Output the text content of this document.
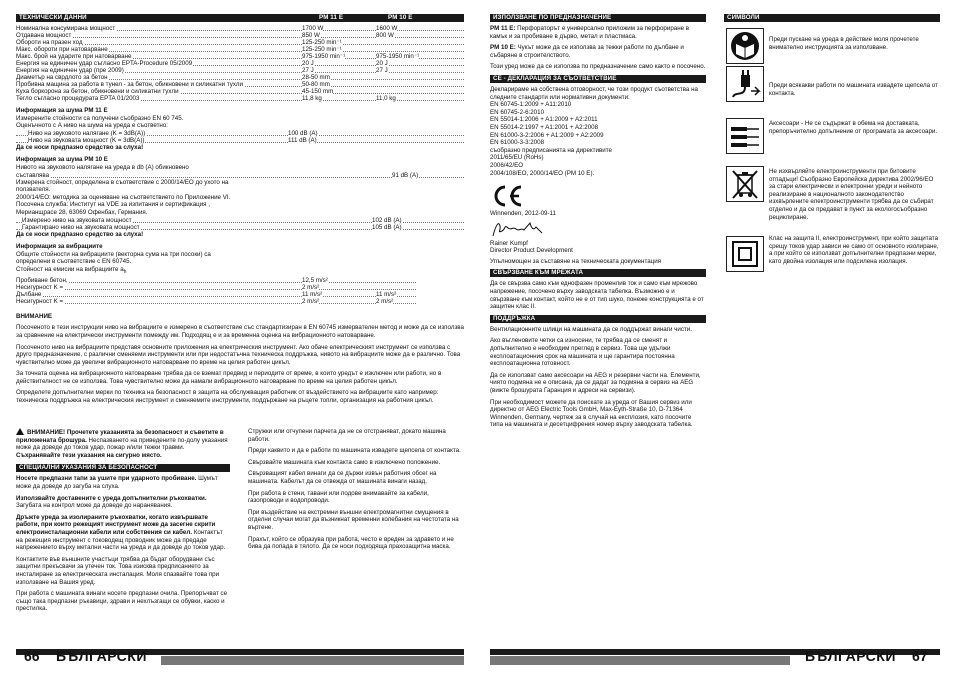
ТЕХНИЧЕСКИ ДАННИ	PM 11 E	PM 10 E
Номинална консумирана мощност	1700 W	1600 W
Отдавана мощност	850 W	800 W
Обороти на празен ход	125-250 min⁻¹
Макс. обороти при натоварване	125-250 min⁻¹
Макс. брой на ударите при натоварване	975-1950 min⁻¹	975-1950 min⁻¹
Енергия на единичен удар съгласно EPTA-Procedure 05/2009	20 J	20 J
Енергия на единичен удар (пре 2009)	27 J	27 J
Диаметър на сврдлото за бетон	28-50 mm
Пробивна мащина за работа в тунел - за бетон, обикновени и силикатни тухли	50-80 mm
Куха боркорона за бетон, обикновени и силикатни тухли	45-150 mm
Тегло съгласно процедурата EPTA 01/2003	11,8 kg	11,0 kg

Информация за шума PM 11 E

Измерените стойности са получени съобразно EN 60 745.

Оценъчното с А ниво на шума на уреда е съответно:

Ниво на звуковото налягане (K = 3dB(A))	100 dB (A)
Ниво на звуковата мощност (K = 3dB(A))	111 dB (A)

Да се носи предпазно средство за слуха!

Информация за шума PM 10 E

Нивото на звуковото налягане на уреда в db (A) обикновено

съставлява	91 dB (A)

Измерена стойност, определена в съответствие с 2000/14/ЕО до ухото на ползвателя.

2000/14/ЕО: методика за оценяване на съответствието по Приложение VI. Посочена служба: Институт на VDE за изпитания и сертификация , Мерианщрасе 28, 63069 Офенбах, Германия.

Измерено ниво на звуковата мощност	102 dB (A)
Гарантирано ниво на звуковата мощност	105 dB (A)

Да се носи предпазно средство за слуха!

Информация за вибрациите

Общите стойности на вибрациите (векторна сума на три посоки) са определени в съответствие с EN 60745.

Стойност на емисии на вибрациите $a_h$

Пробиване бетон,	12,5 m/s²
Несигурност K =	2 m/s²
Дълбане	11 m/s²	11 m/s²
Несигурност K =	2 m/s²	2 m/s²

ВНИМАНИЕ

Посоченото в тези инструкции ниво на вибрациите е измерено в съответствие със стандартизиран в EN 60745 измервателен метод и може да се използва за сравнение на електрически инструменти помежду им. Подходящ е и за временна оценка на вибрационното натоварване.

Посоченото ниво на вибрациите представя основните приложения на електрическия инструмент. Ако обаче електрическият инструмент се използва с друго предназначение, с различни сменяеми инструменти или при недостатъчна техническа поддръжка, нивото на вибрациите може да е различно. Това чувствително може да увеличи вибрационното натоварване по време на целия работен цикъл.

За точната оценка на вибрационното натоварване трябва да се вземат предвид и периодите от време, в които уредът е изключен или работи, но в действителност не се използва. Това чувствително може да намали вибрационното натоварване по време на целия работен цикъл.

Определете допълнителни мерки по техника на безопасност в защита на обслужващия работник от въздействието на вибрациите като например: техническа поддръжка на електрическия инструмент и сменяемите инструменти, поддържане на ръцете топли, организация на работния цикъл.

ВНИМАНИЕ! Прочетете указанията за безопасност и съветите в приложената брошура. Неспазването на приведените по-долу указания може да доведе до токов удар, пожар и/или тежки травми.
Съхранявайте тези указания на сигурно място.

СПЕЦИАЛНИ УКАЗАНИЯ ЗА БЕЗОПАСНОСТ

Носете предпазни тапи за ушите при ударното пробиване. Шумът може да доведе до загуба на слуха.

Използвайте доставените с уреда допълнителни ръкохватки. Загубата на контрол може да доведе до наранявания.

Дръжте уреда за изолираните ръкохватки, когато извършвате работи, при които режещият инструмент може да засегне скрити електроинсталационни кабели или собствения си кабел. Контактът на режещия инструмент с тоководещ проводник може да предаде напрежението върху метални части на уреда и да доведе до токов удар.

Контактите във външните участъци трябва да бъдат оборудвани със защитни прекъсвачи за утечен ток. Това изисква предписанието за инсталиране за електрическата инсталация. Моля спазвайте това при използване на Вашия уред.

При работа с машината винаги носете предпазни очила. Препоръчват се също така предпазни ръкавици, здрави и нехлъзгащи се обувки, каско и престилка.

Стружки или отчупени парчета да не се отстраняват, докато машина работи.

Преди каквито и да е работи по машината извадете щепсела от контакта.

Свързвайте машината към контакта само в изключено положение.

Свързващият кабел винаги да се държи извън работния обсег на машината. Кабелът да се отвежда от машината винаги назад.

При работа в стени, тавани или подове внимавайте за кабели, газопроводи и водопроводи.

При въздействие на екстремни външни електромагнитни смущения в отделни случаи могат да възникнат временни колебания на честотата на въртене.

Прахът, който се образува при работа, често е вреден за здравето и не бива да попада в тялото. Да се носи подходяща прахозащитна маска.

66 БЪЛГАРСКИ
ИЗПОЛЗВАНЕ ПО ПРЕДНАЗНАЧЕНИЕ

PM 11 E: Перфораторът е универсално приложим за перфориране в камък и за пробиване в дърво, метал и пластмаса.

PM 10 E: Чукът може да се използва за тежки работи по дълбане и събаряне в строителството.

Този уред може да се използва по предназначение само както е посочено.

CE - ДЕКЛАРАЦИЯ ЗА СЪОТВЕТСТВИЕ

Декларираме на собствена отговорност, че този продукт съответства на следните стандарти или нормативни документи:

EN 60745-1:2009 + A11:2010
EN 60745-2-6:2010
EN 55014-1:2006 + A1:2009 + A2:2011
EN 55014-2:1997 + A1:2001 + A2:2008
EN 61000-3-2:2006 + A1:2009 + A2:2009
EN 61000-3-3:2008

съобразно предписанията на директивите

2011/65/EU (RoHs)
2006/42/EO
2004/108/EO, 2000/14/EO (PM 10 E).

Winnenden, 2012-09-11

Rainer Kumpf

Director Product Development

Упълномощен за съставяне на техническата документация

СВЪРЗВАНЕ КЪМ МРЕЖАТА

Да се свързва само към еднофазен променлив ток и само към мрежово напрежение, посочено върху заводската табелка. Възможно е и свързване към контакт, който не е от тип шуко, понеже конструкцията е от защитен клас II.

ПОДДРЪЖКА

Вентилационните шлици на машината да се поддържат винаги чисти.

Ако въгленовите четки са износени, те трябва да се сменят и допълнително е необходим преглед в сервиз. Това ще удължи експлоатационния срок на машината и ще гарантира постоянна експлоатационна готовност.

Да се използват само аксесоари на AEG и резервни части на. Елементи, чиято подмяна не е описана, да се дадат за подмяна в сервиз на AEG (вижте брошурата Гаранция и адреси на сервизи).

При необходимост можете да поискате за уреда от Вашия сервиз или директно от AEG Electric Tools GmbH, Max-Eyth-Straße 10, D-71364 Winnenden, Germany, чертеж за в случай на експлозия, като посочите типа на машината и десетцифрения номер върху заводската табелка.

СИМВОЛИ
Преди пускане на уреда в действие моля прочетете внимателно инструкцията за използване.
Преди всякакви работи по машината извадете щепсела от контакта.
Аксесоари - Не се съдържат в обема на доставката, препоръчително допълнение от програмата за аксесоари.
Не изхвърляйте електроинструменти при битовите отпадъци! Съобразно Европейска директива 2002/96/ЕО за стари електрически и електронни уреди и нейното реализиране в националното законодателство изхвърлените електроинструменти трябва да се събират отделно и да се предават в пункт за екологосъобразно рециклиране.
Клас на защита II, електроинструмент, при който защитата срещу токов удар зависи не само от основното изолиране, а при който се използват допълнителни предпазни мерки, като двойна изолация или подсилена изолация.
БЪЛГАРСКИ 67
